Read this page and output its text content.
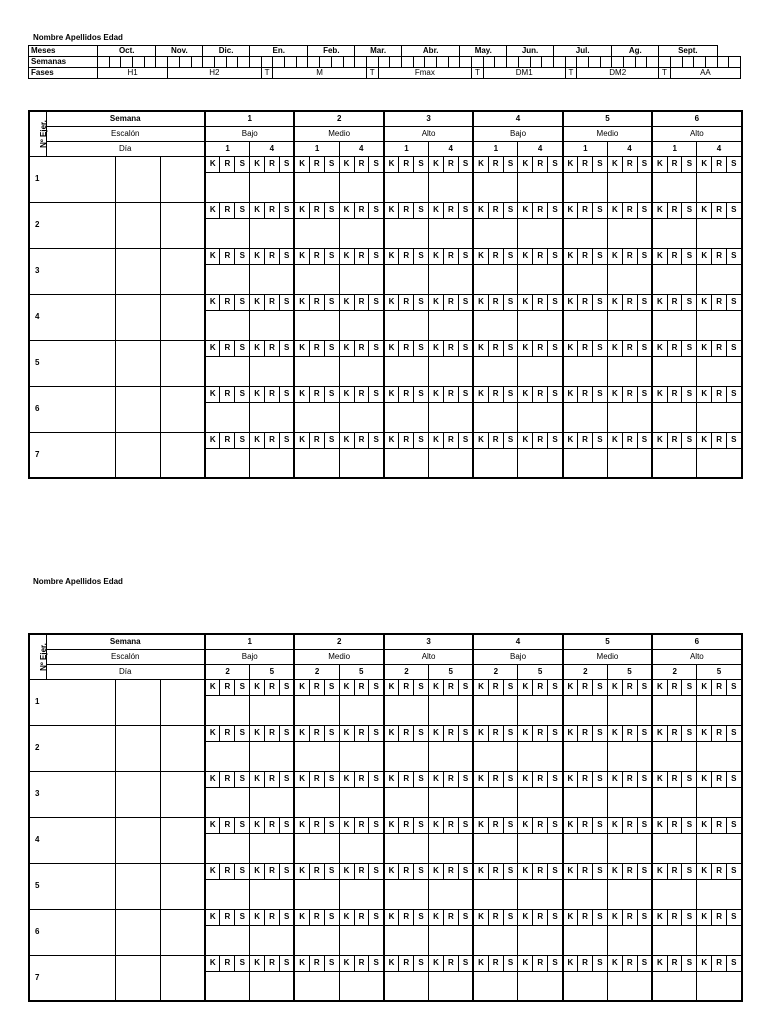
Nombre Apellidos Edad
Meses	Oct.					Nov.				Dic.				En.					Feb.				Mar.				Abr.					May.				Jun.				Jul.					Ag.				Sept.						
Semanas																																																							
Fases	H1						H2								T	M								T	Fmax								T	DM1							T	DM2							T	AA					
Nº Ejer.	Semana			1						2						3						4						5						6					
	Escalón			Bajo						Medio						Alto						Bajo						Medio						Alto					
	Día			1			4			1			4			1			4			1			4			1			4			1			4		
1				K	R	S	K	R	S	K	R	S	K	R	S	K	R	S	K	R	S	K	R	S	K	R	S	K	R	S	K	R	S	K	R	S	K	R	S

2				K	R	S	K	R	S	K	R	S	K	R	S	K	R	S	K	R	S	K	R	S	K	R	S	K	R	S	K	R	S	K	R	S	K	R	S

3				K	R	S	K	R	S	K	R	S	K	R	S	K	R	S	K	R	S	K	R	S	K	R	S	K	R	S	K	R	S	K	R	S	K	R	S

4				K	R	S	K	R	S	K	R	S	K	R	S	K	R	S	K	R	S	K	R	S	K	R	S	K	R	S	K	R	S	K	R	S	K	R	S

5				K	R	S	K	R	S	K	R	S	K	R	S	K	R	S	K	R	S	K	R	S	K	R	S	K	R	S	K	R	S	K	R	S	K	R	S

6				K	R	S	K	R	S	K	R	S	K	R	S	K	R	S	K	R	S	K	R	S	K	R	S	K	R	S	K	R	S	K	R	S	K	R	S

7				K	R	S	K	R	S	K	R	S	K	R	S	K	R	S	K	R	S	K	R	S	K	R	S	K	R	S	K	R	S	K	R	S	K	R	S

Nombre Apellidos Edad
Nº Ejer.	Semana			1						2						3						4						5						6					
	Escalón			Bajo						Medio						Alto						Bajo						Medio						Alto					
	Día			2			5			2			5			2			5			2			5			2			5			2			5		
1				K	R	S	K	R	S	K	R	S	K	R	S	K	R	S	K	R	S	K	R	S	K	R	S	K	R	S	K	R	S	K	R	S	K	R	S

2				K	R	S	K	R	S	K	R	S	K	R	S	K	R	S	K	R	S	K	R	S	K	R	S	K	R	S	K	R	S	K	R	S	K	R	S

3				K	R	S	K	R	S	K	R	S	K	R	S	K	R	S	K	R	S	K	R	S	K	R	S	K	R	S	K	R	S	K	R	S	K	R	S

4				K	R	S	K	R	S	K	R	S	K	R	S	K	R	S	K	R	S	K	R	S	K	R	S	K	R	S	K	R	S	K	R	S	K	R	S

5				K	R	S	K	R	S	K	R	S	K	R	S	K	R	S	K	R	S	K	R	S	K	R	S	K	R	S	K	R	S	K	R	S	K	R	S

6				K	R	S	K	R	S	K	R	S	K	R	S	K	R	S	K	R	S	K	R	S	K	R	S	K	R	S	K	R	S	K	R	S	K	R	S

7				K	R	S	K	R	S	K	R	S	K	R	S	K	R	S	K	R	S	K	R	S	K	R	S	K	R	S	K	R	S	K	R	S	K	R	S
